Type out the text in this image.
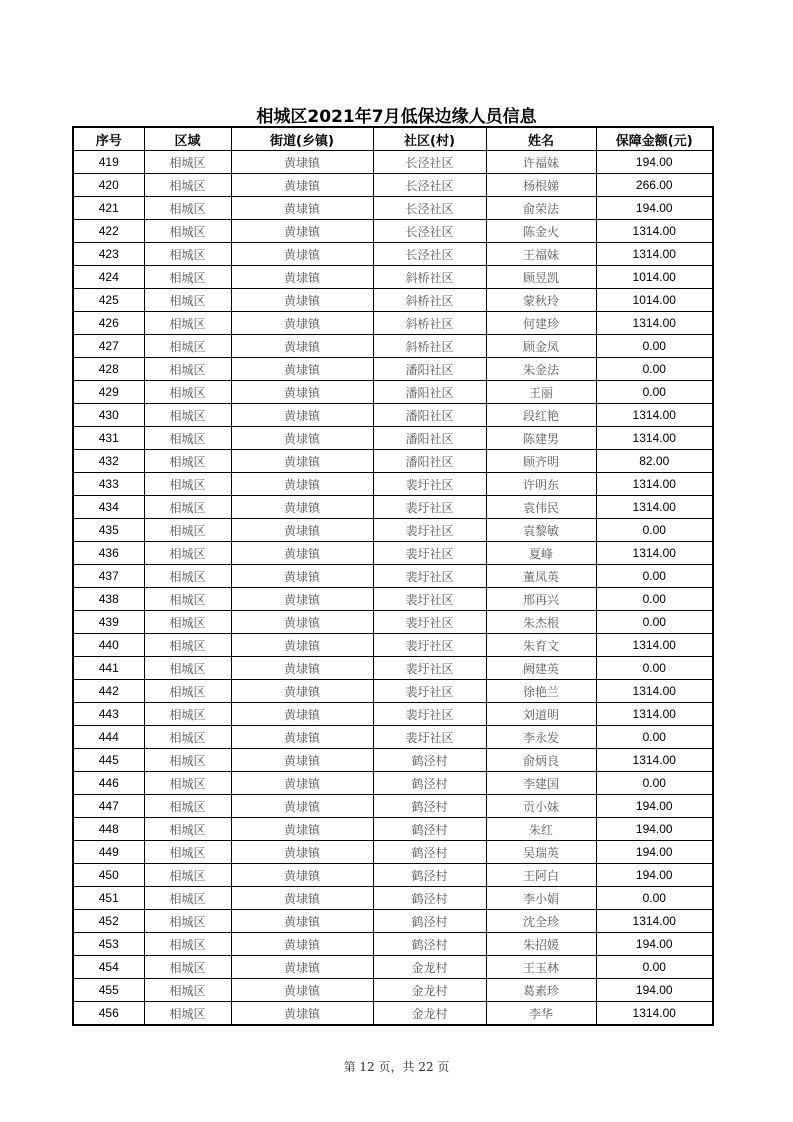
相城区2021年7月低保边缘人员信息
序号	区域	街道(乡镇)	社区(村)	姓名	保障金额(元)
419	相城区	黄埭镇	长泾社区	许福妹	194.00
420	相城区	黄埭镇	长泾社区	杨根娣	266.00
421	相城区	黄埭镇	长泾社区	俞荣法	194.00
422	相城区	黄埭镇	长泾社区	陈金火	1314.00
423	相城区	黄埭镇	长泾社区	王福妹	1314.00
424	相城区	黄埭镇	斜桥社区	顾昱凯	1014.00
425	相城区	黄埭镇	斜桥社区	蒙秋玲	1014.00
426	相城区	黄埭镇	斜桥社区	何建珍	1314.00
427	相城区	黄埭镇	斜桥社区	顾金凤	0.00
428	相城区	黄埭镇	潘阳社区	朱金法	0.00
429	相城区	黄埭镇	潘阳社区	王丽	0.00
430	相城区	黄埭镇	潘阳社区	段红艳	1314.00
431	相城区	黄埭镇	潘阳社区	陈建男	1314.00
432	相城区	黄埭镇	潘阳社区	顾齐明	82.00
433	相城区	黄埭镇	裴圩社区	许明东	1314.00
434	相城区	黄埭镇	裴圩社区	袁伟民	1314.00
435	相城区	黄埭镇	裴圩社区	袁黎敏	0.00
436	相城区	黄埭镇	裴圩社区	夏峰	1314.00
437	相城区	黄埭镇	裴圩社区	董凤英	0.00
438	相城区	黄埭镇	裴圩社区	邢再兴	0.00
439	相城区	黄埭镇	裴圩社区	朱杰根	0.00
440	相城区	黄埭镇	裴圩社区	朱育文	1314.00
441	相城区	黄埭镇	裴圩社区	阙建英	0.00
442	相城区	黄埭镇	裴圩社区	徐艳兰	1314.00
443	相城区	黄埭镇	裴圩社区	刘道明	1314.00
444	相城区	黄埭镇	裴圩社区	李永发	0.00
445	相城区	黄埭镇	鹤泾村	俞炳良	1314.00
446	相城区	黄埭镇	鹤泾村	李建国	0.00
447	相城区	黄埭镇	鹤泾村	贡小妹	194.00
448	相城区	黄埭镇	鹤泾村	朱红	194.00
449	相城区	黄埭镇	鹤泾村	吴瑞英	194.00
450	相城区	黄埭镇	鹤泾村	王阿白	194.00
451	相城区	黄埭镇	鹤泾村	李小娟	0.00
452	相城区	黄埭镇	鹤泾村	沈全珍	1314.00
453	相城区	黄埭镇	鹤泾村	朱招媛	194.00
454	相城区	黄埭镇	金龙村	王玉林	0.00
455	相城区	黄埭镇	金龙村	葛素珍	194.00
456	相城区	黄埭镇	金龙村	李华	1314.00
第 12 页，共 22 页
